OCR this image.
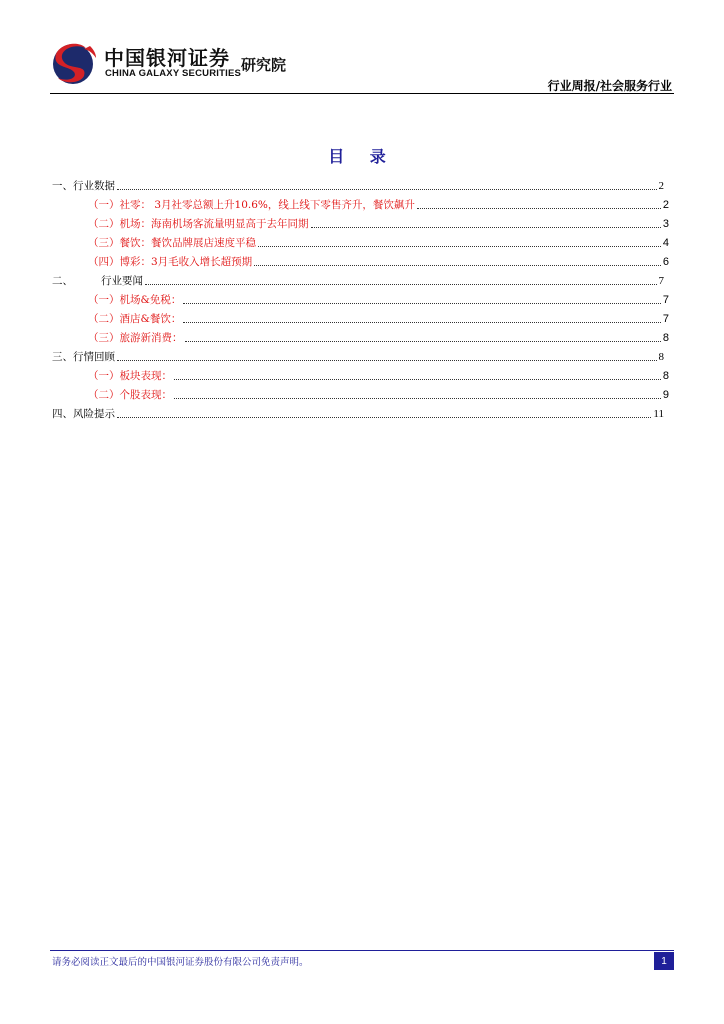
中国银河证券
CHINA GALAXY SECURITIES 研究院
行业周报/社会服务行业
目 录
一、行业数据	2
（一）社零： 3月社零总额上升10.6%，线上线下零售齐升，餐饮飙升	2
（二）机场：海南机场客流量明显高于去年同期	3
（三）餐饮：餐饮品牌展店速度平稳	4
（四）博彩：3月毛收入增长超预期	6
二、	行业要闻	7
（一）机场&免税：	7
（二）酒店&餐饮：	7
（三）旅游新消费：	8
三、行情回顾	8
（一）板块表现：	8
（二）个股表现：	9
四、风险提示	11
请务必阅读正文最后的中国银河证券股份有限公司免责声明。	1
